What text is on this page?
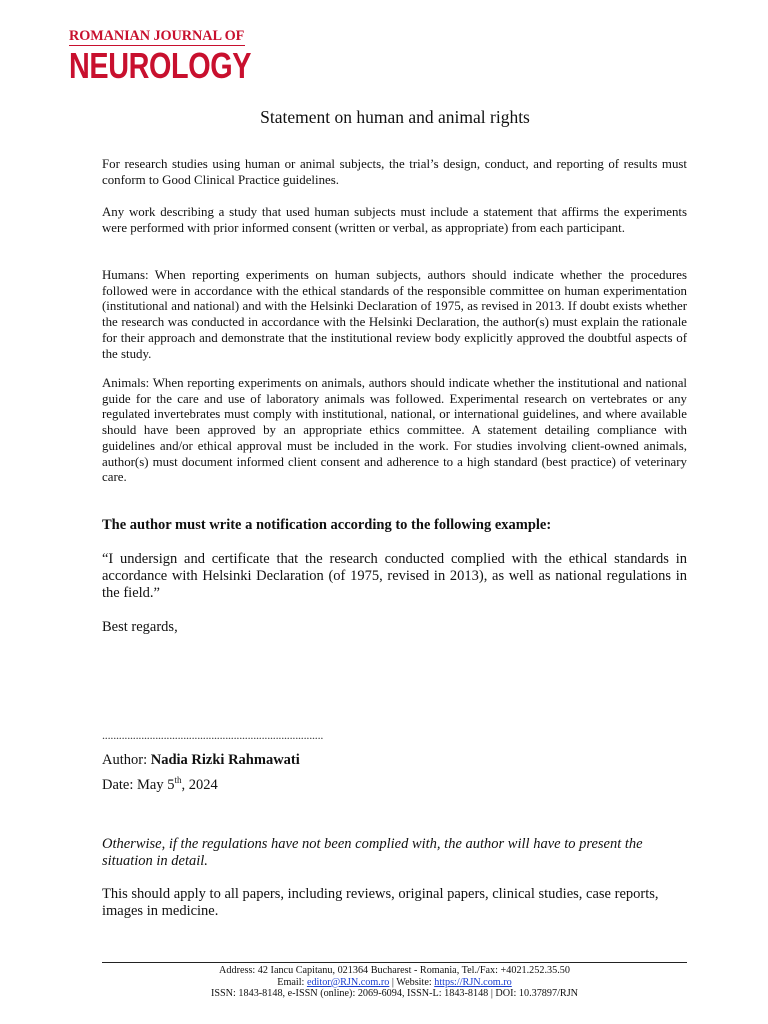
ROMANIAN JOURNAL OF
NEUROLOGY
Statement on human and animal rights

For research studies using human or animal subjects, the trial’s design, conduct, and reporting of results must conform to Good Clinical Practice guidelines.

Any work describing a study that used human subjects must include a statement that affirms the experiments were performed with prior informed consent (written or verbal, as appropriate) from each participant.

Humans: When reporting experiments on human subjects, authors should indicate whether the procedures followed were in accordance with the ethical standards of the responsible committee on human experimentation (institutional and national) and with the Helsinki Declaration of 1975, as revised in 2013. If doubt exists whether the research was conducted in accordance with the Helsinki Declaration, the author(s) must explain the rationale for their approach and demonstrate that the institutional review body explicitly approved the doubtful aspects of the study.

Animals: When reporting experiments on animals, authors should indicate whether the institutional and national guide for the care and use of laboratory animals was followed. Experimental research on vertebrates or any regulated invertebrates must comply with institutional, national, or international guidelines, and where available should have been approved by an appropriate ethics committee. A statement detailing compliance with guidelines and/or ethical approval must be included in the work. For studies involving client-owned animals, author(s) must document informed client consent and adherence to a high standard (best practice) of veterinary care.

The author must write a notification according to the following example:

“I undersign and certificate that the research conducted complied with the ethical standards in accordance with Helsinki Declaration (of 1975, revised in 2013), as well as national regulations in the field.”

Best regards,

...............................................................................

Author: Nadia Rizki Rahmawati

Date: May 5th, 2024

Otherwise, if the regulations have not been complied with, the author will have to present the situation in detail.

This should apply to all papers, including reviews, original papers, clinical studies, case reports, images in medicine.

Address: 42 Iancu Capitanu, 021364 Bucharest - Romania, Tel./Fax: +4021.252.35.50
Email: editor@RJN.com.ro | Website: https://RJN.com.ro
ISSN: 1843-8148, e-ISSN (online): 2069-6094, ISSN-L: 1843-8148 | DOI: 10.37897/RJN
